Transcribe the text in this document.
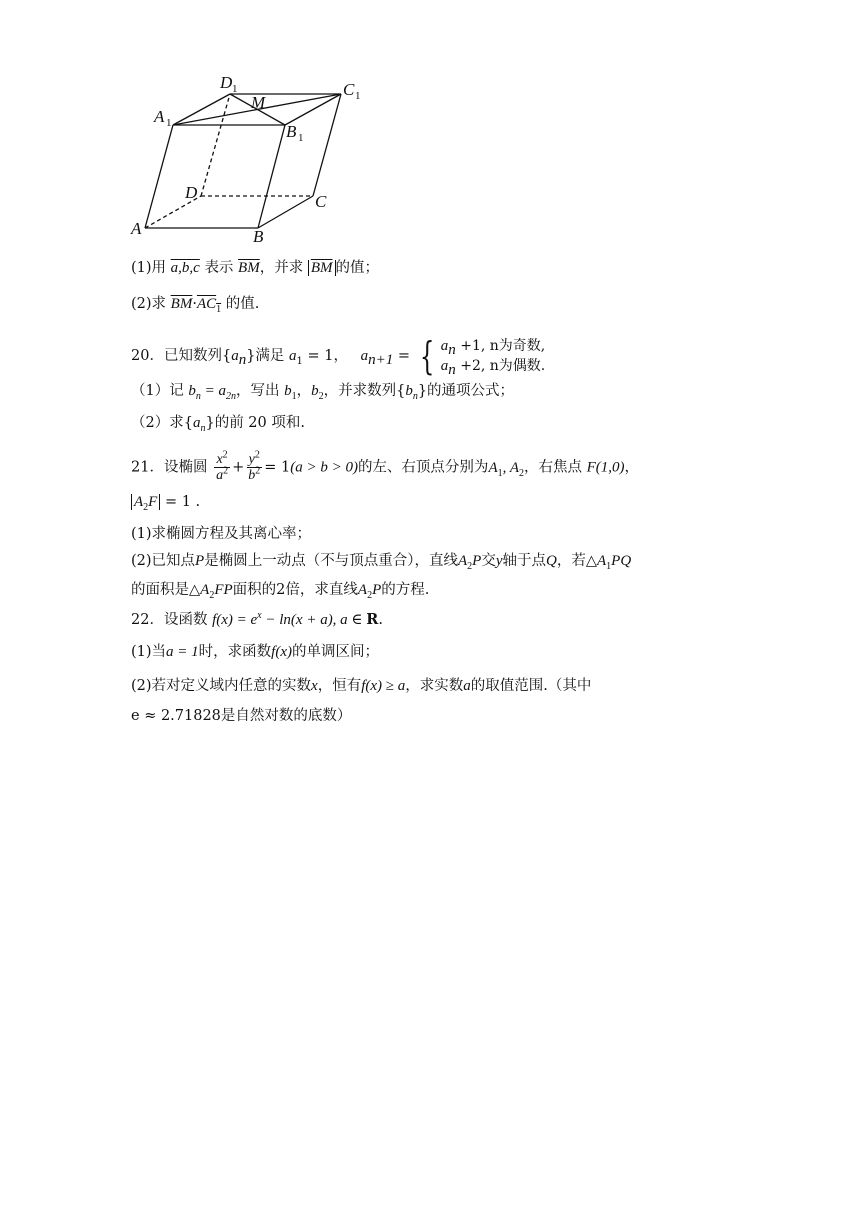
A	B
C
D
A 1	B 1
C 1
D 1
M
(1)用 a,b,c 表示 $\overline{BM}$，并求 $\overline{BM}$ 的值；
(2)求 $\overline{BM}\cdot AC_1$ 的值.
20．已知数列$\{a_n\}$满足 $a_1 = 1$， $a_{n+1}$ = { $a_n +1$, n为奇数,
$a_n +2$, n为偶数.
（1）记 $b_n = a_{2n}$，写出 $b_1$，$b_2$，并求数列$\{b_n\}$的通项公式；
（2）求$\{a_n\}$的前 20 项和.
21．设椭圆 $\frac{x^2}{a^2} + \frac{y^2}{b^2} = 1(a > b > 0)$的左、右顶点分别为$A_1$, $A_2$，右焦点 F(1,0)，
$A_2F = 1$ .
(1)求椭圆方程及其离心率；
(2)已知点P是椭圆上一动点（不与顶点重合），直线$A_2P$交y轴于点Q，若$\triangle A_1PQ$
的面积是$\triangle A_2FP$面积的2倍，求直线$A_2P$的方程.
22．设函数 $f(x) = e^x - \ln(x + a)$, a ∈ R.
(1)当a = 1时，求函数f(x)的单调区间；
(2)若对定义域内任意的实数x，恒有f(x) ≥ a，求实数a的取值范围.（其中
e ≈ 2.71828是自然对数的底数）
